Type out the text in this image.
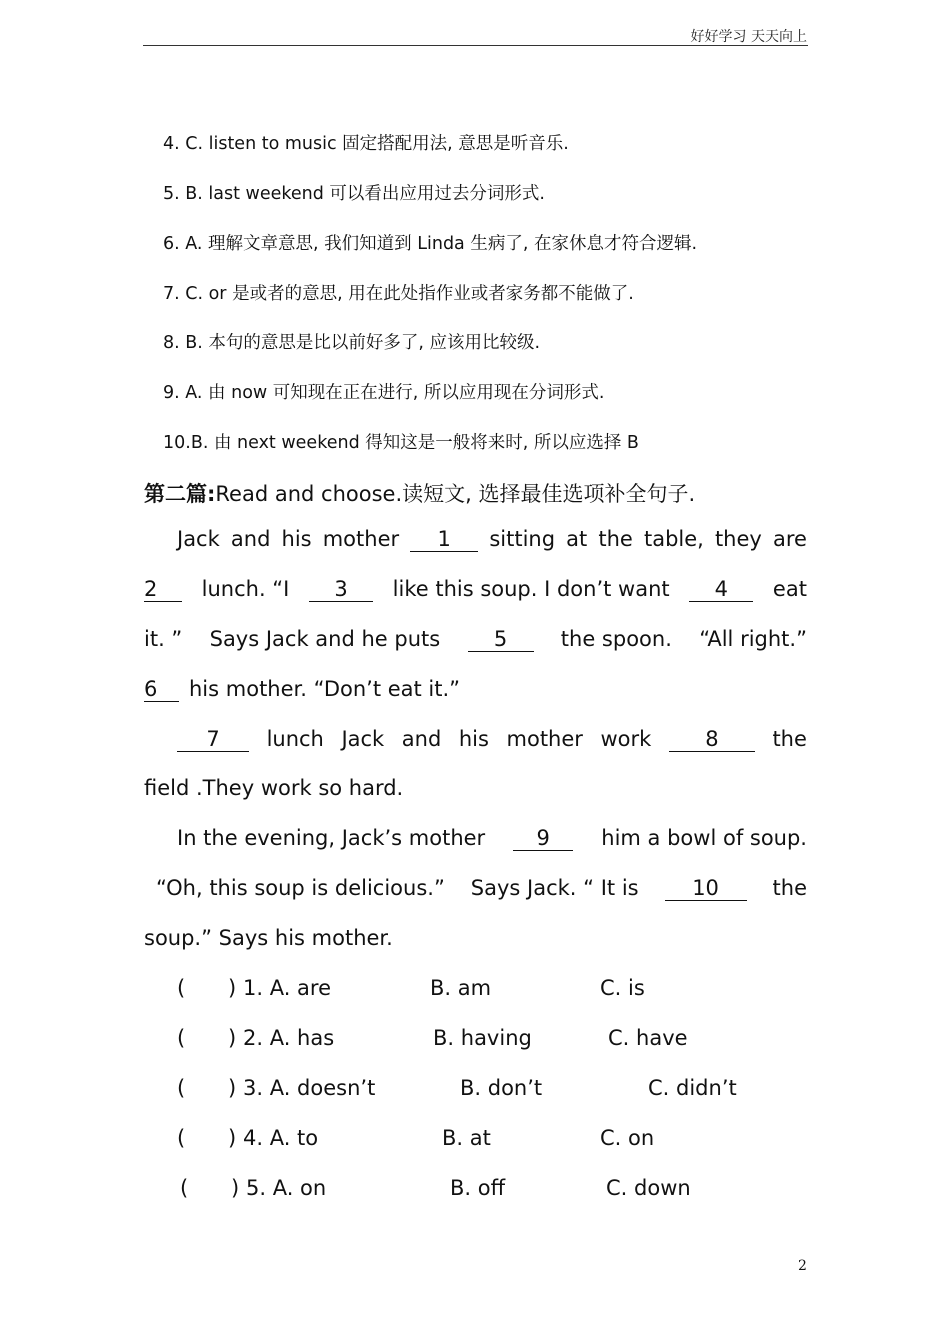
好好学习 天天向上
4. C. listen to music 固定搭配用法, 意思是听音乐.
5. B. last weekend 可以看出应用过去分词形式.
6. A. 理解文章意思, 我们知道到 Linda 生病了, 在家休息才符合逻辑.
7. C. or 是或者的意思, 用在此处指作业或者家务都不能做了.
8. B. 本句的意思是比以前好多了, 应该用比较级.
9. A. 由 now 可知现在正在进行, 所以应用现在分词形式.
10.B. 由 next weekend 得知这是一般将来时, 所以应选择 B
第二篇:Read and choose.读短文, 选择最佳选项补全句子.
Jack and his mother	1	sitting at the table, they are
2	lunch. “I	3	like this soup. I don’t want	4	eat
it. ” Says Jack and he puts	5	the spoon. “All right.”
6	his mother. “Don’t eat it.”
7	lunch Jack and his mother work	8	the
field .They work so hard.
In the evening, Jack’s mother	9	him a bowl of soup.
“Oh, this soup is delicious.” Says Jack. “ It is	10	the
soup.” Says his mother.
( ) 1. A. are	B. am	C. is
( ) 2. A. has	B. having	C. have
( ) 3. A. doesn’t	B. don’t	C. didn’t
( ) 4. A. to	B. at	C. on
( ) 5. A. on	B. off	C. down
2
